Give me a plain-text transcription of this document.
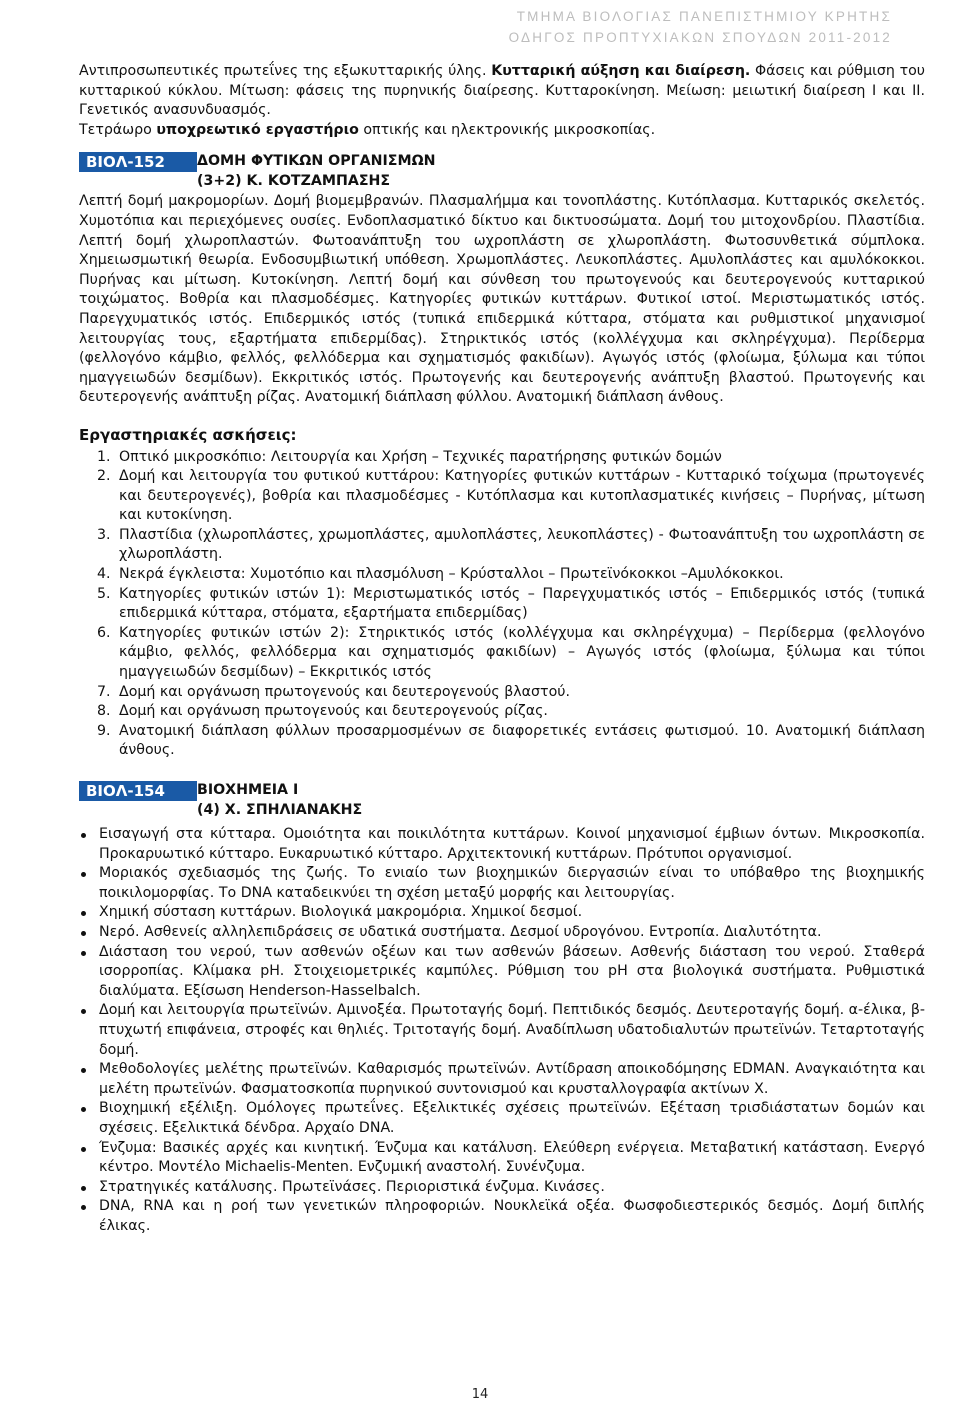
ΤΜΗΜΑ ΒΙΟΛΟΓΙΑΣ ΠΑΝΕΠΙΣΤΗΜΙΟΥ ΚΡΗΤΗΣ
ΟΔΗΓΟΣ ΠΡΟΠΤΥΧΙΑΚΩΝ ΣΠΟΥΔΩΝ 2011-2012

Αντιπροσωπευτικές πρωτεΐνες της εξωκυτταρικής ύλης. Κυτταρική αύξηση και διαίρεση. Φάσεις και ρύθμιση του κυτταρικού κύκλου. Μίτωση: φάσεις της πυρηνικής διαίρεσης. Κυτταροκίνηση. Μείωση: μειωτική διαίρεση Ι και ΙΙ. Γενετικός ανασυνδυασμός.

Τετράωρο υποχρεωτικό εργαστήριο οπτικής και ηλεκτρονικής μικροσκοπίας.

ΒΙΟΛ-152	ΔΟΜΗ ΦΥΤΙΚΩΝ ΟΡΓΑΝΙΣΜΩΝ
(3+2) Κ. ΚΟΤΖΑΜΠΑΣΗΣ

Λεπτή δομή μακρομορίων. Δομή βιομεμβρανών. Πλασμαλήμμα και τονοπλάστης. Κυτόπλασμα. Κυτταρικός σκελετός. Χυμοτόπια και περιεχόμενες ουσίες. Ενδοπλασματικό δίκτυο και δικτυοσώματα. Δομή του μιτοχονδρίου. Πλαστίδια. Λεπτή δομή χλωροπλαστών. Φωτοανάπτυξη του ωχροπλάστη σε χλωροπλάστη. Φωτοσυνθετικά σύμπλοκα. Χημειωσμωτική θεωρία. Ενδοσυμβιωτική υπόθεση. Χρωμοπλάστες. Λευκοπλάστες. Αμυλοπλάστες και αμυλόκοκκοι. Πυρήνας και μίτωση. Κυτοκίνηση. Λεπτή δομή και σύνθεση του πρωτογενούς και δευτερογενούς κυτταρικού τοιχώματος. Βοθρία και πλασμοδέσμες. Κατηγορίες φυτικών κυττάρων. Φυτικοί ιστοί. Μεριστωματικός ιστός. Παρεγχυματικός ιστός. Επιδερμικός ιστός (τυπικά επιδερμικά κύτταρα, στόματα και ρυθμιστικοί μηχανισμοί λειτουργίας τους, εξαρτήματα επιδερμίδας). Στηρικτικός ιστός (κολλέγχυμα και σκληρέγχυμα). Περίδερμα (φελλογόνο κάμβιο, φελλός, φελλόδερμα και σχηματισμός φακιδίων). Αγωγός ιστός (φλοίωμα, ξύλωμα και τύποι ημαγγειωδών δεσμίδων). Εκκριτικός ιστός. Πρωτογενής και δευτερογενής ανάπτυξη βλαστού. Πρωτογενής και δευτερογενής ανάπτυξη ρίζας. Ανατομική διάπλαση φύλλου. Ανατομική διάπλαση άνθους.

Εργαστηριακές ασκήσεις:
1. Οπτικό μικροσκόπιο: Λειτουργία και Χρήση – Τεχνικές παρατήρησης φυτικών δομών
2. Δομή και λειτουργία του φυτικού κυττάρου: Κατηγορίες φυτικών κυττάρων - Κυτταρικό τοίχωμα (πρωτογενές και δευτερογενές), βοθρία και πλασμοδέσμες - Κυτόπλασμα και κυτοπλασματικές κινήσεις – Πυρήνας, μίτωση και κυτοκίνηση.
3. Πλαστίδια (χλωροπλάστες, χρωμοπλάστες, αμυλοπλάστες, λευκοπλάστες) - Φωτοανάπτυξη του ωχροπλάστη σε χλωροπλάστη.
4. Νεκρά έγκλειστα: Χυμοτόπιο και πλασμόλυση – Κρύσταλλοι – Πρωτεϊνόκοκκοι –Αμυλόκοκκοι.
5. Κατηγορίες φυτικών ιστών 1): Μεριστωματικός ιστός – Παρεγχυματικός ιστός – Επιδερμικός ιστός (τυπικά επιδερμικά κύτταρα, στόματα, εξαρτήματα επιδερμίδας)
6. Κατηγορίες φυτικών ιστών 2): Στηρικτικός ιστός (κολλέγχυμα και σκληρέγχυμα) – Περίδερμα (φελλογόνο κάμβιο, φελλός, φελλόδερμα και σχηματισμός φακιδίων) – Αγωγός ιστός (φλοίωμα, ξύλωμα και τύποι ημαγγειωδών δεσμίδων) – Εκκριτικός ιστός
7. Δομή και οργάνωση πρωτογενούς και δευτερογενούς βλαστού.
8. Δομή και οργάνωση πρωτογενούς και δευτερογενούς ρίζας.
9. Ανατομική διάπλαση φύλλων προσαρμοσμένων σε διαφορετικές εντάσεις φωτισμού. 10. Ανατομική διάπλαση άνθους.
ΒΙΟΛ-154	ΒΙΟΧΗΜΕΙΑ Ι
(4) Χ. ΣΠΗΛΙΑΝΑΚΗΣ
Εισαγωγή στα κύτταρα. Ομοιότητα και ποικιλότητα κυττάρων. Κοινοί μηχανισμοί έμβιων όντων. Μικροσκοπία. Προκαρυωτικό κύτταρο. Ευκαρυωτικό κύτταρο. Αρχιτεκτονική κυττάρων. Πρότυποι οργανισμοί.
Μοριακός σχεδιασμός της ζωής. Το ενιαίο των βιοχημικών διεργασιών είναι το υπόβαθρο της βιοχημικής ποικιλομορφίας. Το DNA καταδεικνύει τη σχέση μεταξύ μορφής και λειτουργίας.
Χημική σύσταση κυττάρων. Βιολογικά μακρομόρια. Χημικοί δεσμοί.
Νερό. Ασθενείς αλληλεπιδράσεις σε υδατικά συστήματα. Δεσμοί υδρογόνου. Εντροπία. Διαλυτότητα.
Διάσταση του νερού, των ασθενών οξέων και των ασθενών βάσεων. Ασθενής διάσταση του νερού. Σταθερά ισορροπίας. Κλίμακα pH. Στοιχειομετρικές καμπύλες. Ρύθμιση του pH στα βιολογικά συστήματα. Ρυθμιστικά διαλύματα. Εξίσωση Henderson-Hasselbalch.
Δομή και λειτουργία πρωτεϊνών. Αμινοξέα. Πρωτοταγής δομή. Πεπτιδικός δεσμός. Δευτεροταγής δομή. α-έλικα, β-πτυχωτή επιφάνεια, στροφές και θηλιές. Τριτοταγής δομή. Αναδίπλωση υδατοδιαλυτών πρωτεϊνών. Τεταρτοταγής δομή.
Μεθοδολογίες μελέτης πρωτεϊνών. Καθαρισμός πρωτεϊνών. Αντίδραση αποικοδόμησης EDMAN. Αναγκαιότητα και μελέτη πρωτεϊνών. Φασματοσκοπία πυρηνικού συντονισμού και κρυσταλλογραφία ακτίνων Χ.
Βιοχημική εξέλιξη. Ομόλογες πρωτεΐνες. Εξελικτικές σχέσεις πρωτεϊνών. Εξέταση τρισδιάστατων δομών και σχέσεις. Εξελικτικά δένδρα. Αρχαίο DNA.
Ένζυμα: Βασικές αρχές και κινητική. Ένζυμα και κατάλυση. Ελεύθερη ενέργεια. Μεταβατική κατάσταση. Ενεργό κέντρο. Μοντέλο Michaelis-Menten. Ενζυμική αναστολή. Συνένζυμα.
Στρατηγικές κατάλυσης. Πρωτεϊνάσες. Περιοριστικά ένζυμα. Κινάσες.
DNA, RNA και η ροή των γενετικών πληροφοριών. Νουκλεϊκά οξέα. Φωσφοδιεστερικός δεσμός. Δομή διπλής έλικας.
14
